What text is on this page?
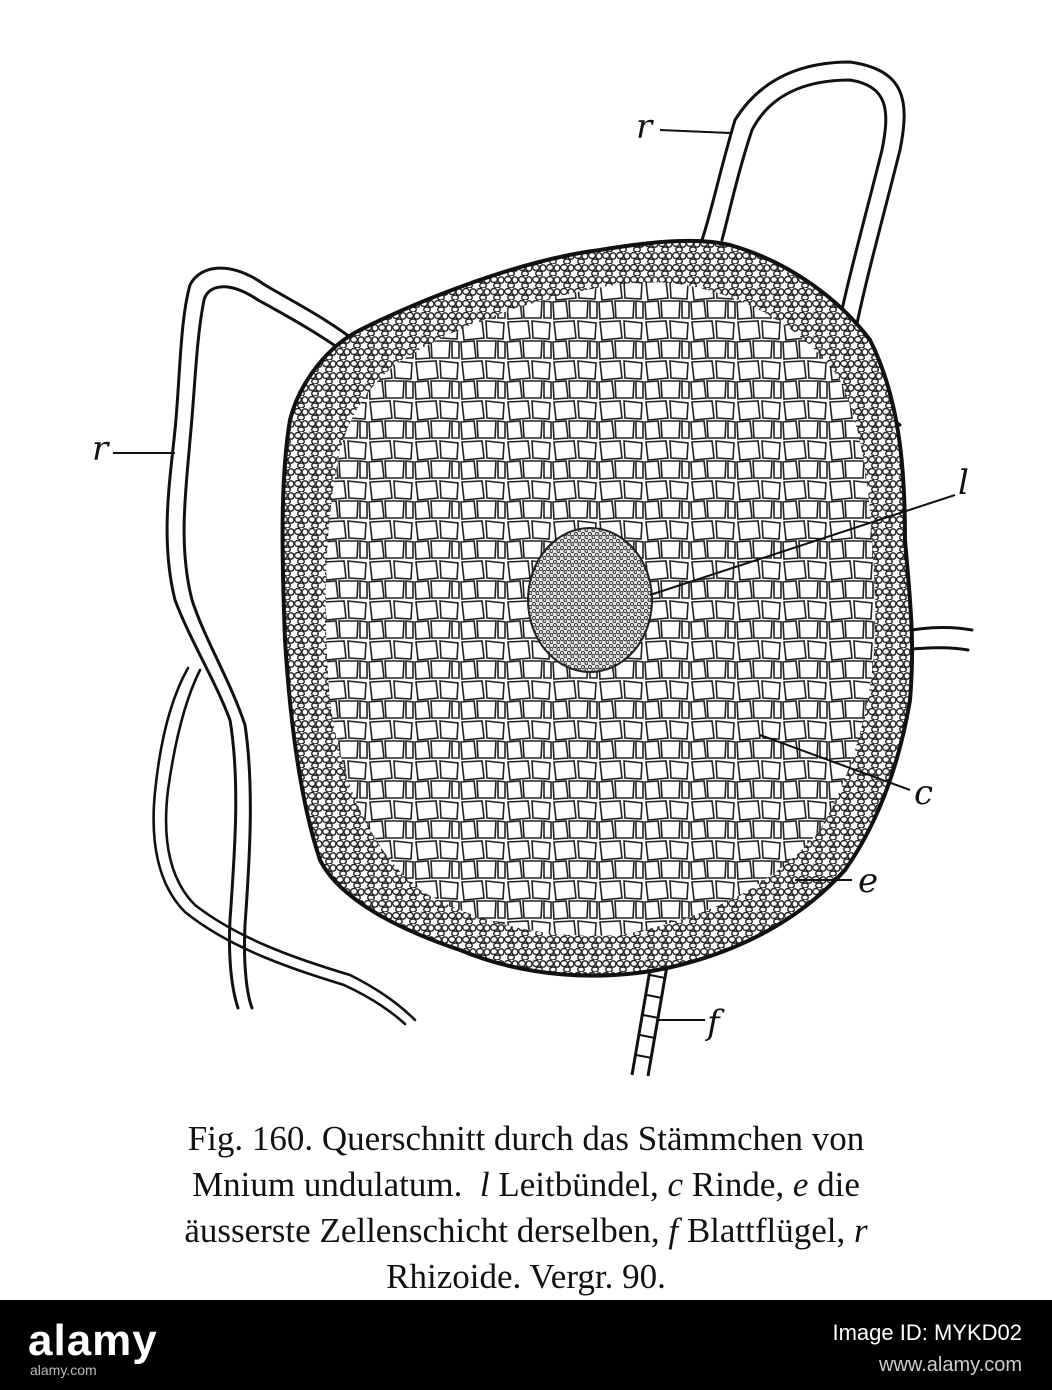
r
r
l
c
e
f
Fig. 160. Querschnitt durch das Stämmchen von
Mnium undulatum. l Leitbündel, c Rinde, e die
äusserste Zellenschicht derselben, f Blattflügel, r
Rhizoide. Vergr. 90.
alamy
alamy.com
Image ID: MYKD02
www.alamy.com
